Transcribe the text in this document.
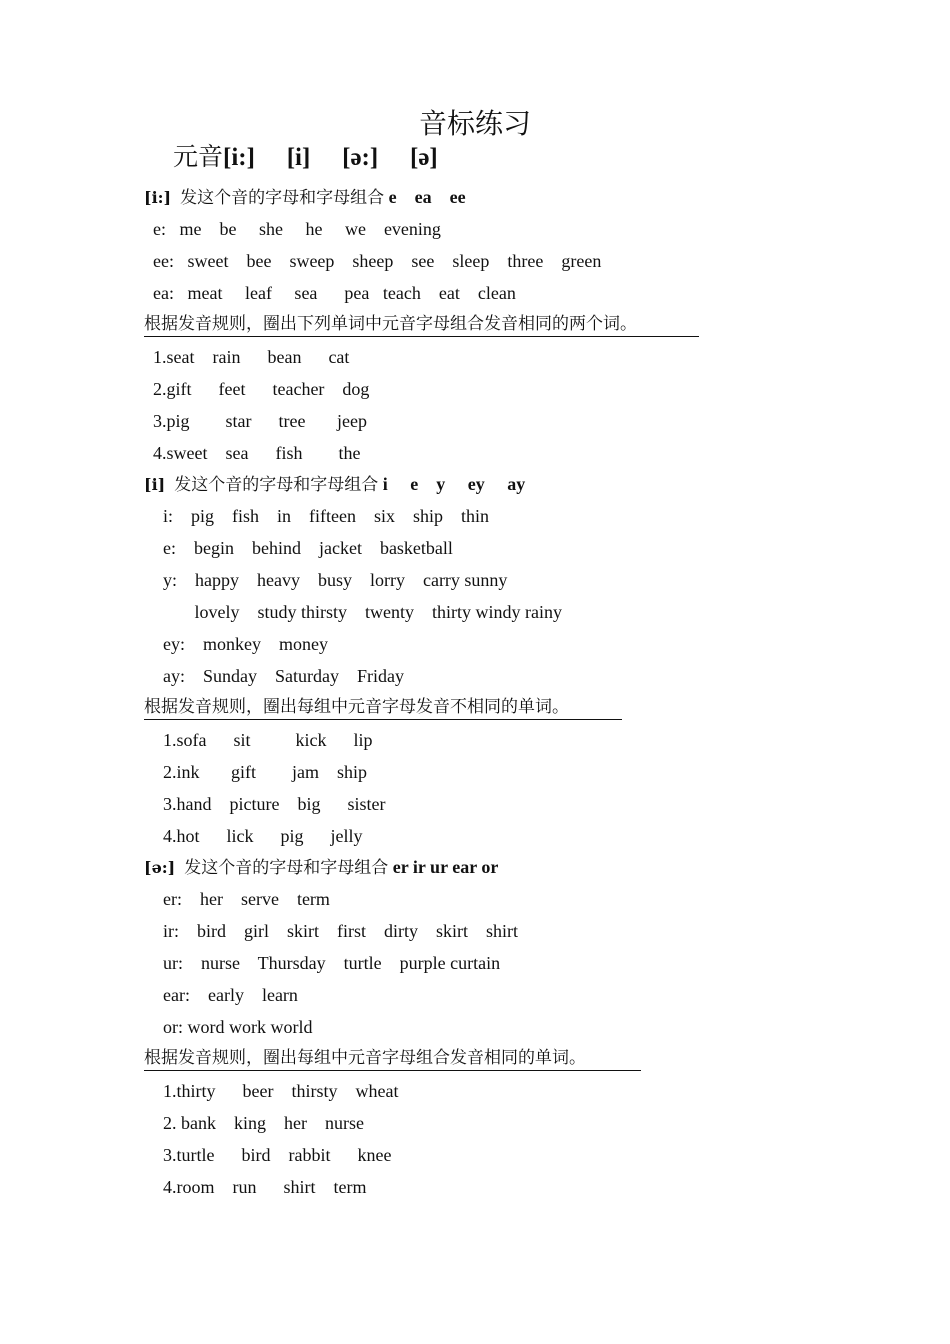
音标练习
元音[i:] [i] [ə:] [ə]
[i:] 发这个音的字母和字母组合 e    ea    ee
e:   me    be     she     he     we    evening
ee:   sweet    bee    sweep    sheep    see    sleep    three    green
ea:   meat     leaf     sea      pea   teach    eat    clean
根据发音规则，圈出下列单词中元音字母组合发音相同的两个词。
1.seat    rain      bean      cat
2.gift      feet      teacher    dog
3.pig        star      tree       jeep
4.sweet    sea      fish        the
[i] 发这个音的字母和字母组合 i     e    y     ey     ay
i:    pig    fish    in    fifteen    six    ship    thin
e:    begin    behind    jacket    basketball
y:    happy    heavy    busy    lorry    carry sunny
lovely    study thirsty    twenty    thirty windy rainy
ey:    monkey    money
ay:    Sunday    Saturday    Friday
根据发音规则，圈出每组中元音字母发音不相同的单词。
1.sofa      sit          kick      lip
2.ink       gift        jam    ship
3.hand    picture    big      sister
4.hot      lick      pig      jelly
[ə:] 发这个音的字母和字母组合 er ir ur ear or
er:    her    serve    term
ir:    bird    girl    skirt    first    dirty    skirt    shirt
ur:    nurse    Thursday    turtle    purple curtain
ear:    early    learn
or: word work world
根据发音规则，圈出每组中元音字母组合发音相同的单词。
1.thirty      beer    thirsty    wheat
2. bank    king    her    nurse
3.turtle      bird    rabbit      knee
4.room    run      shirt    term
